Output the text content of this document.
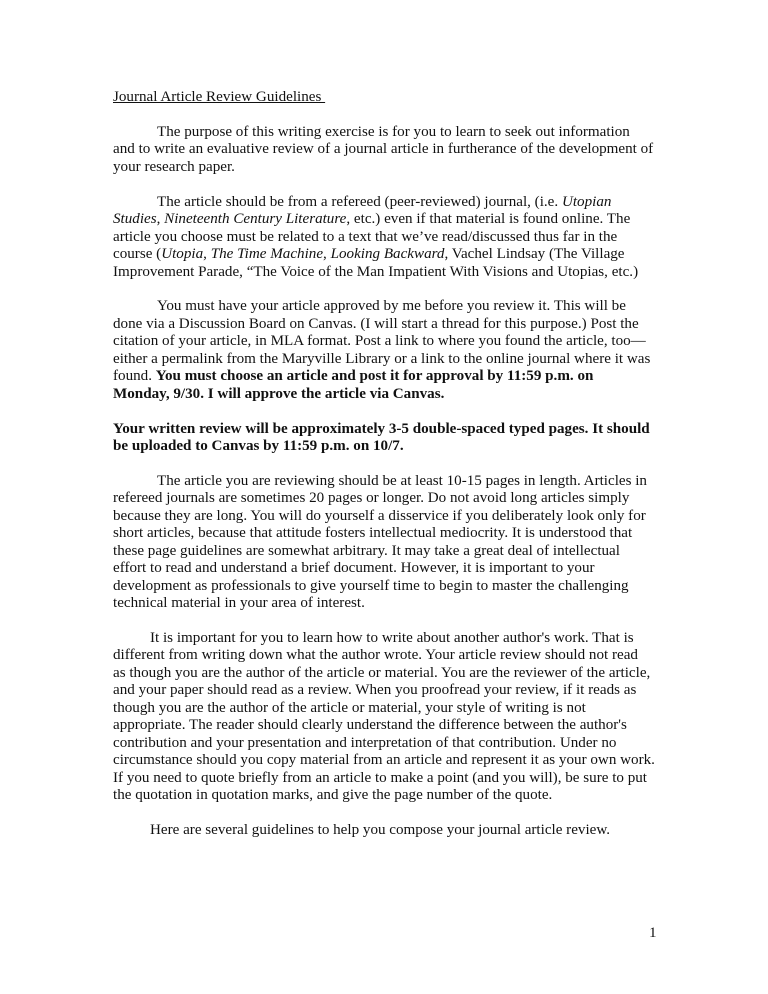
Journal Article Review Guidelines

The purpose of this writing exercise is for you to learn to seek out information
and to write an evaluative review of a journal article in furtherance of the development of
your research paper.

The article should be from a refereed (peer-reviewed) journal, (i.e. Utopian
Studies, Nineteenth Century Literature, etc.) even if that material is found online. The
article you choose must be related to a text that we’ve read/discussed thus far in the
course (Utopia, The Time Machine, Looking Backward, Vachel Lindsay (The Village
Improvement Parade, “The Voice of the Man Impatient With Visions and Utopias, etc.)

You must have your article approved by me before you review it. This will be
done via a Discussion Board on Canvas. (I will start a thread for this purpose.) Post the
citation of your article, in MLA format. Post a link to where you found the article, too—
either a permalink from the Maryville Library or a link to the online journal where it was
found. You must choose an article and post it for approval by 11:59 p.m. on
Monday, 9/30. I will approve the article via Canvas.

Your written review will be approximately 3-5 double-spaced typed pages. It should
be uploaded to Canvas by 11:59 p.m. on 10/7.

The article you are reviewing should be at least 10-15 pages in length. Articles in
refereed journals are sometimes 20 pages or longer. Do not avoid long articles simply
because they are long. You will do yourself a disservice if you deliberately look only for
short articles, because that attitude fosters intellectual mediocrity. It is understood that
these page guidelines are somewhat arbitrary. It may take a great deal of intellectual
effort to read and understand a brief document. However, it is important to your
development as professionals to give yourself time to begin to master the challenging
technical material in your area of interest.

It is important for you to learn how to write about another author's work. That is
different from writing down what the author wrote. Your article review should not read
as though you are the author of the article or material. You are the reviewer of the article,
and your paper should read as a review. When you proofread your review, if it reads as
though you are the author of the article or material, your style of writing is not
appropriate. The reader should clearly understand the difference between the author's
contribution and your presentation and interpretation of that contribution. Under no
circumstance should you copy material from an article and represent it as your own work.
If you need to quote briefly from an article to make a point (and you will), be sure to put
the quotation in quotation marks, and give the page number of the quote.

Here are several guidelines to help you compose your journal article review.

1
